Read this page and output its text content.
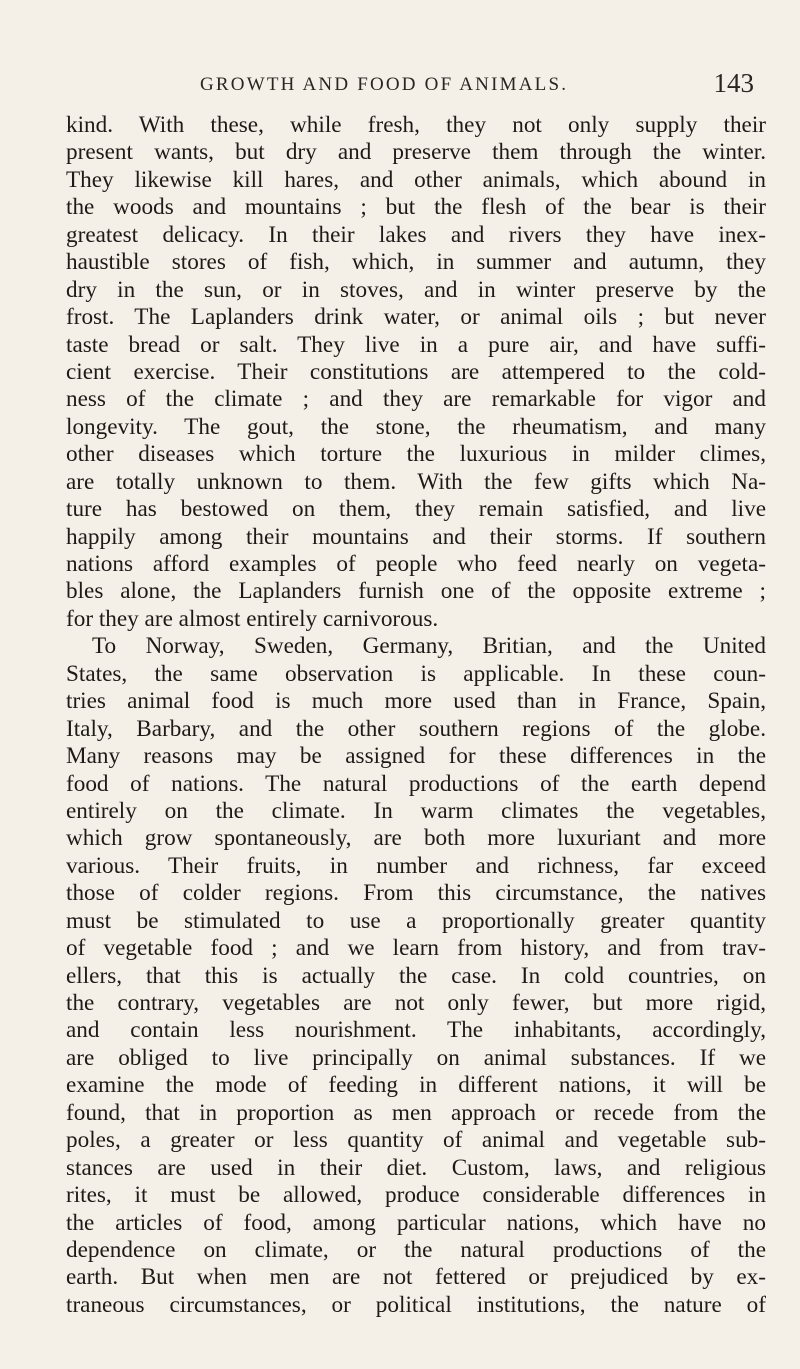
GROWTH AND FOOD OF ANIMALS.	143
kind. With these, while fresh, they not only supply their
present wants, but dry and preserve them through the winter.
They likewise kill hares, and other animals, which abound in
the woods and mountains ; but the flesh of the bear is their
greatest delicacy. In their lakes and rivers they have inex-
haustible stores of fish, which, in summer and autumn, they
dry in the sun, or in stoves, and in winter preserve by the
frost. The Laplanders drink water, or animal oils ; but never
taste bread or salt. They live in a pure air, and have suffi-
cient exercise. Their constitutions are attempered to the cold-
ness of the climate ; and they are remarkable for vigor and
longevity. The gout, the stone, the rheumatism, and many
other diseases which torture the luxurious in milder climes,
are totally unknown to them. With the few gifts which Na-
ture has bestowed on them, they remain satisfied, and live
happily among their mountains and their storms. If southern
nations afford examples of people who feed nearly on vegeta-
bles alone, the Laplanders furnish one of the opposite extreme ;
for they are almost entirely carnivorous.
To Norway, Sweden, Germany, Britian, and the United
States, the same observation is applicable. In these coun-
tries animal food is much more used than in France, Spain,
Italy, Barbary, and the other southern regions of the globe.
Many reasons may be assigned for these differences in the
food of nations. The natural productions of the earth depend
entirely on the climate. In warm climates the vegetables,
which grow spontaneously, are both more luxuriant and more
various. Their fruits, in number and richness, far exceed
those of colder regions. From this circumstance, the natives
must be stimulated to use a proportionally greater quantity
of vegetable food ; and we learn from history, and from trav-
ellers, that this is actually the case. In cold countries, on
the contrary, vegetables are not only fewer, but more rigid,
and contain less nourishment. The inhabitants, accordingly,
are obliged to live principally on animal substances. If we
examine the mode of feeding in different nations, it will be
found, that in proportion as men approach or recede from the
poles, a greater or less quantity of animal and vegetable sub-
stances are used in their diet. Custom, laws, and religious
rites, it must be allowed, produce considerable differences in
the articles of food, among particular nations, which have no
dependence on climate, or the natural productions of the
earth. But when men are not fettered or prejudiced by ex-
traneous circumstances, or political institutions, the nature of
